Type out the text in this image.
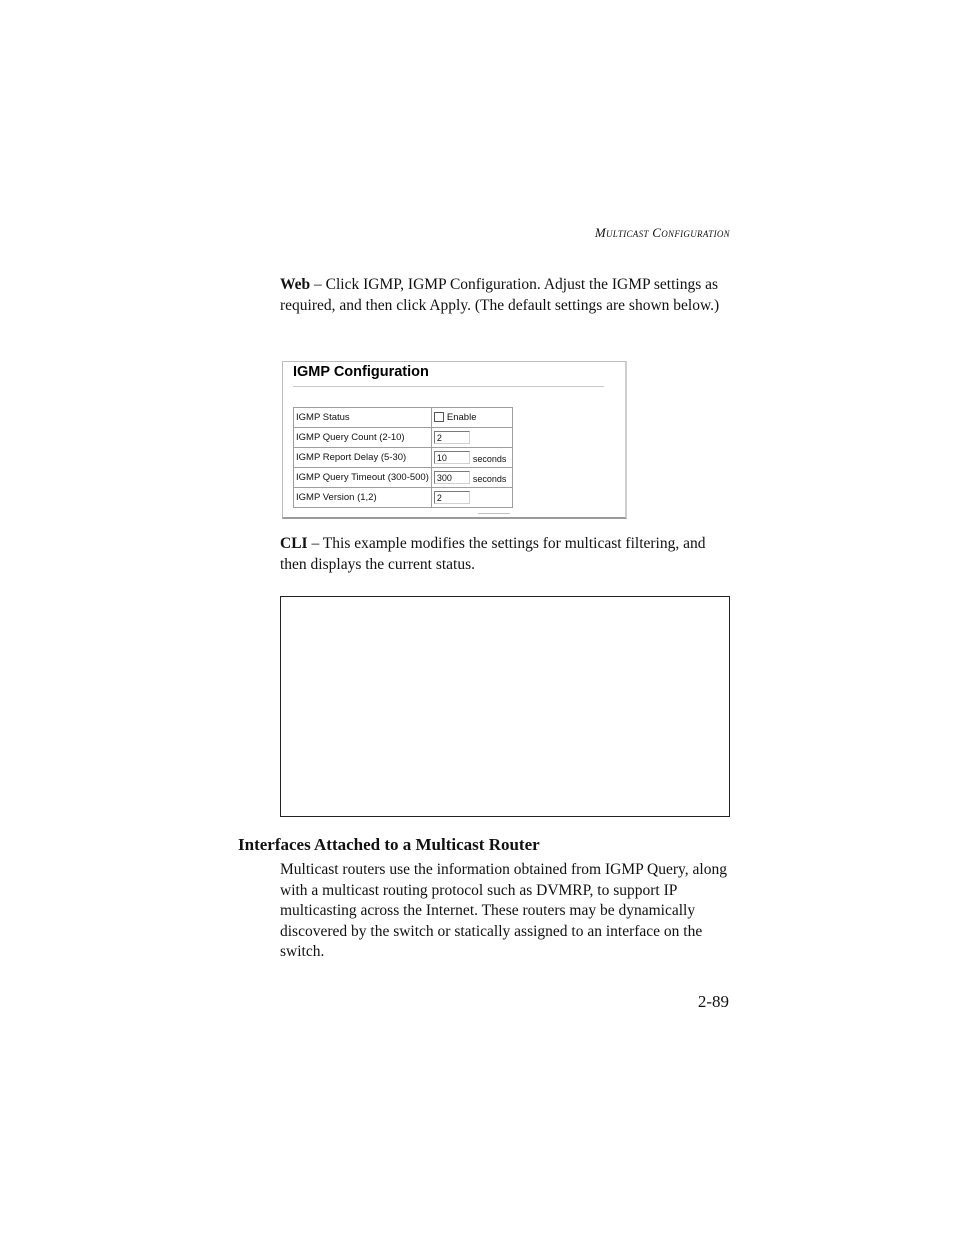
Multicast Configuration
Web – Click IGMP, IGMP Configuration. Adjust the IGMP settings as required, and then click Apply. (The default settings are shown below.)
IGMP Configuration
IGMP Status	Enable
IGMP Query Count (2-10)	2
IGMP Report Delay (5-30)	10 seconds
IGMP Query Timeout (300-500)	300 seconds
IGMP Version (1,2)	2
CLI – This example modifies the settings for multicast filtering, and then displays the current status.
Interfaces Attached to a Multicast Router
Multicast routers use the information obtained from IGMP Query, along with a multicast routing protocol such as DVMRP, to support IP multicasting across the Internet. These routers may be dynamically discovered by the switch or statically assigned to an interface on the switch.
2-89
